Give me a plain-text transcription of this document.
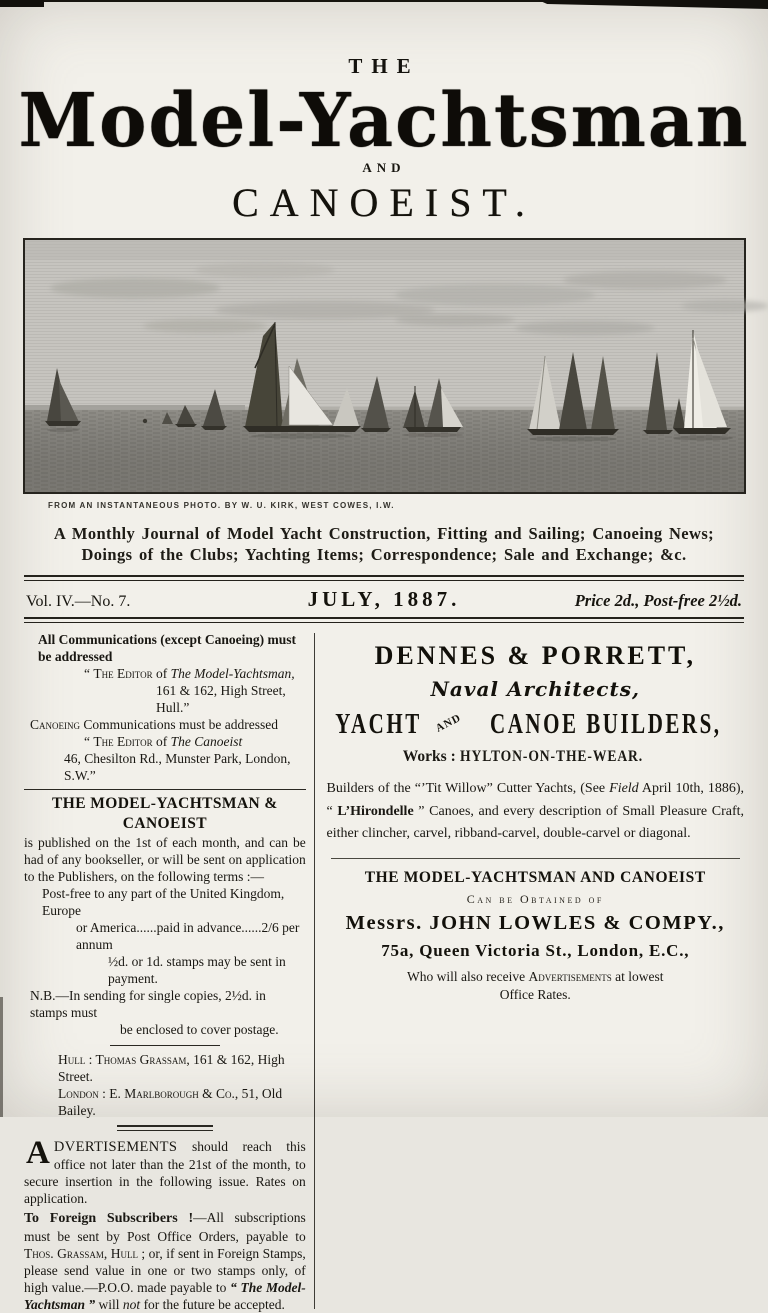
THE
Model-Yachtsman
AND
CANOEIST.
FROM AN INSTANTANEOUS PHOTO. BY W. U. KIRK, WEST COWES, I.W.
A Monthly Journal of Model Yacht Construction, Fitting and Sailing; Canoeing News;
Doings of the Clubs; Yachting Items; Correspondence; Sale and Exchange; &c.
Vol. IV.—No. 7.	JULY, 1887.	Price 2d., Post-free 2½d.
All Communications (except Canoeing) must be addressed
“ The Editor of The Model-Yachtsman,
161 & 162, High Street, Hull.”
Canoeing Communications must be addressed
“ The Editor of The Canoeist
46, Chesilton Rd., Munster Park, London, S.W.”
THE MODEL-YACHTSMAN & CANOEIST
is published on the 1st of each month, and can be had of any bookseller, or will be sent on application to the Publishers, on the following terms :—
Post-free to any part of the United Kingdom, Europe
or America......paid in advance......2/6 per annum
½d. or 1d. stamps may be sent in payment.
N.B.—In sending for single copies, 2½d. in stamps must
be enclosed to cover postage.
Hull : Thomas Grassam, 161 & 162, High Street.
London : E. Marlborough & Co., 51, Old Bailey.
ADVERTISEMENTS should reach this office not later than the 21st of the month, to secure insertion in the following issue. Rates on application.
To Foreign Subscribers !—All subscriptions must be sent by Post Office Orders, payable to Thos. Grassam, Hull ; or, if sent in Foreign Stamps, please send value in one or two stamps only, of high value.—P.O.O. made payable to “ The Model-Yachtsman ” will not for the future be accepted.
DENNES & PORRETT,
Naval Architects,
YACHT AND CANOE BUILDERS,
Works : HYLTON-ON-THE-WEAR.
Builders of the “’Tit Willow” Cutter Yachts, (See Field April 10th, 1886), “ L’Hirondelle ” Canoes, and every description of Small Pleasure Craft, either clincher, carvel, ribband-carvel, double-carvel or diagonal.
THE MODEL-YACHTSMAN AND CANOEIST
Can be Obtained of
Messrs. JOHN LOWLES & COMPY.,
75a, Queen Victoria St., London, E.C.,
Who will also receive Advertisements at lowest
Office Rates.
